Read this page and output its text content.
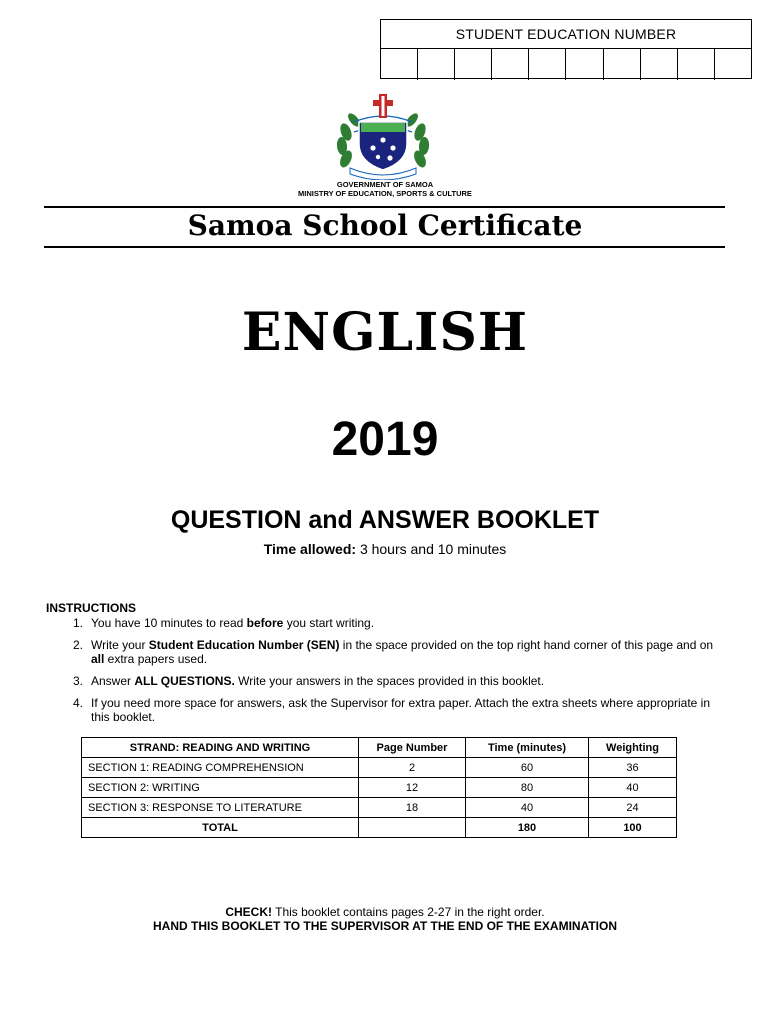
STUDENT EDUCATION NUMBER
GOVERNMENT OF SAMOA
MINISTRY OF EDUCATION, SPORTS & CULTURE
Samoa School Certificate
ENGLISH
2019
QUESTION and ANSWER BOOKLET
Time allowed: 3 hours and 10 minutes
INSTRUCTIONS
1. You have 10 minutes to read before you start writing.
2. Write your Student Education Number (SEN) in the space provided on the top right hand corner of this page and on all extra papers used.
3. Answer ALL QUESTIONS. Write your answers in the spaces provided in this booklet.
4. If you need more space for answers, ask the Supervisor for extra paper. Attach the extra sheets where appropriate in this booklet.
STRAND: READING AND WRITING	Page Number	Time (minutes)	Weighting
SECTION 1: READING COMPREHENSION	2	60	36
SECTION 2: WRITING	12	80	40
SECTION 3: RESPONSE TO LITERATURE	18	40	24
TOTAL		180	100
CHECK! This booklet contains pages 2-27 in the right order.
HAND THIS BOOKLET TO THE SUPERVISOR AT THE END OF THE EXAMINATION
